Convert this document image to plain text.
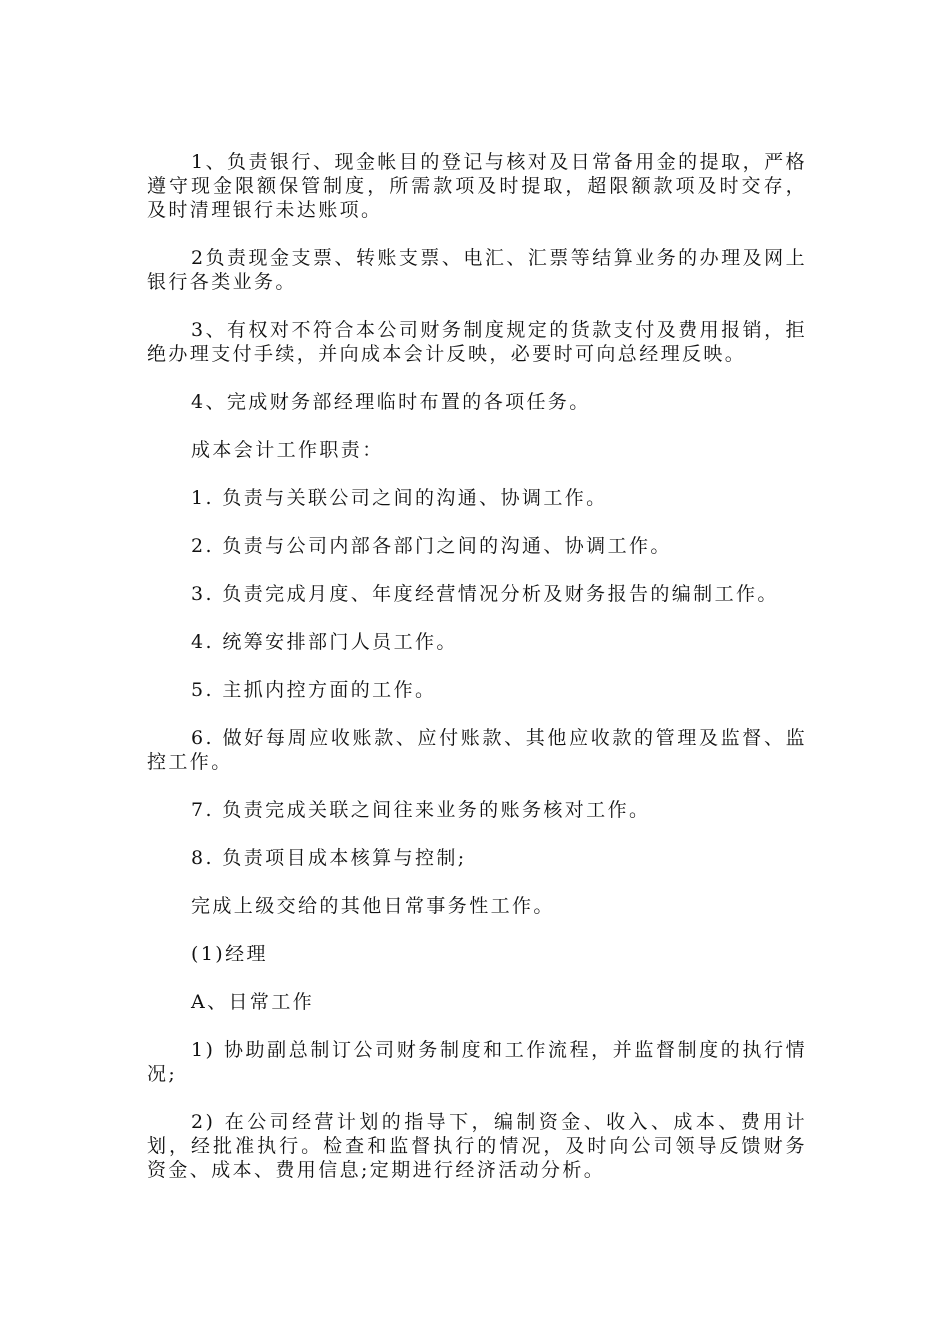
1、负责银行、现金帐目的登记与核对及日常备用金的提取，严格遵守现金限额保管制度，所需款项及时提取，超限额款项及时交存，及时清理银行未达账项。

2负责现金支票、转账支票、电汇、汇票等结算业务的办理及网上银行各类业务。

3、有权对不符合本公司财务制度规定的货款支付及费用报销，拒绝办理支付手续，并向成本会计反映，必要时可向总经理反映。

4、完成财务部经理临时布置的各项任务。

成本会计工作职责：

1. 负责与关联公司之间的沟通、协调工作。

2. 负责与公司内部各部门之间的沟通、协调工作。

3. 负责完成月度、年度经营情况分析及财务报告的编制工作。

4. 统筹安排部门人员工作。

5. 主抓内控方面的工作。

6. 做好每周应收账款、应付账款、其他应收款的管理及监督、监控工作。

7. 负责完成关联之间往来业务的账务核对工作。

8. 负责项目成本核算与控制;

完成上级交给的其他日常事务性工作。

(1)经理

A、日常工作

1) 协助副总制订公司财务制度和工作流程，并监督制度的执行情况;

2) 在公司经营计划的指导下，编制资金、收入、成本、费用计划，经批准执行。检查和监督执行的情况，及时向公司领导反馈财务资金、成本、费用信息;定期进行经济活动分析。
